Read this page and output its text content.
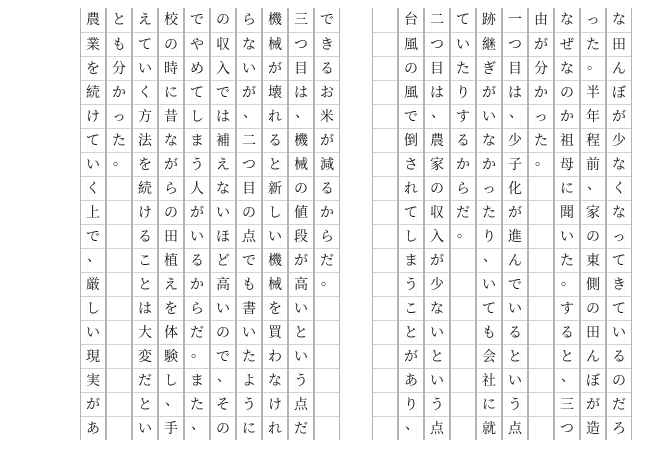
な
田
ん
ぼ
が
少
な
く
な
っ
て
き
て
い
る
の
だ
ろ
っ
た
。
半
年
程
前
、
家
の
東
側
の
田
ん
ぼ
が
造
な
ぜ
な
の
か
祖
母
に
聞
い
た
。
す
る
と
、
三
つ
由
が
分
か
っ
た
。
一
つ
目
は
、
少
子
化
が
進
ん
で
い
る
と
い
う
点
跡
継
ぎ
が
い
な
か
っ
た
り
、
い
て
も
会
社
に
就
て
い
た
り
す
る
か
ら
だ
。
二
つ
目
は
、
農
家
の
収
入
が
少
な
い
と
い
う
点
台
風
の
風
で
倒
さ
れ
て
し
ま
う
こ
と
が
あ
り
、
で
き
る
お
米
が
減
る
か
ら
だ
。
三
つ
目
は
、
機
械
の
値
段
が
高
い
と
い
う
点
だ
機
械
が
壊
れ
る
と
新
し
い
機
械
を
買
わ
な
け
れ
ら
な
い
が
、
二
つ
目
の
点
で
も
書
い
た
よ
う
に
の
収
入
で
は
補
え
な
い
ほ
ど
高
い
の
で
、
そ
の
で
や
め
て
し
ま
う
人
が
い
る
か
ら
だ
。
ま
た
、
校
の
時
に
昔
な
が
ら
の
田
植
え
を
体
験
し
、
手
え
て
い
く
方
法
を
続
け
る
こ
と
は
大
変
だ
と
い
と
も
分
か
っ
た
。
農
業
を
続
け
て
い
く
上
で
、
厳
し
い
現
実
が
あ
